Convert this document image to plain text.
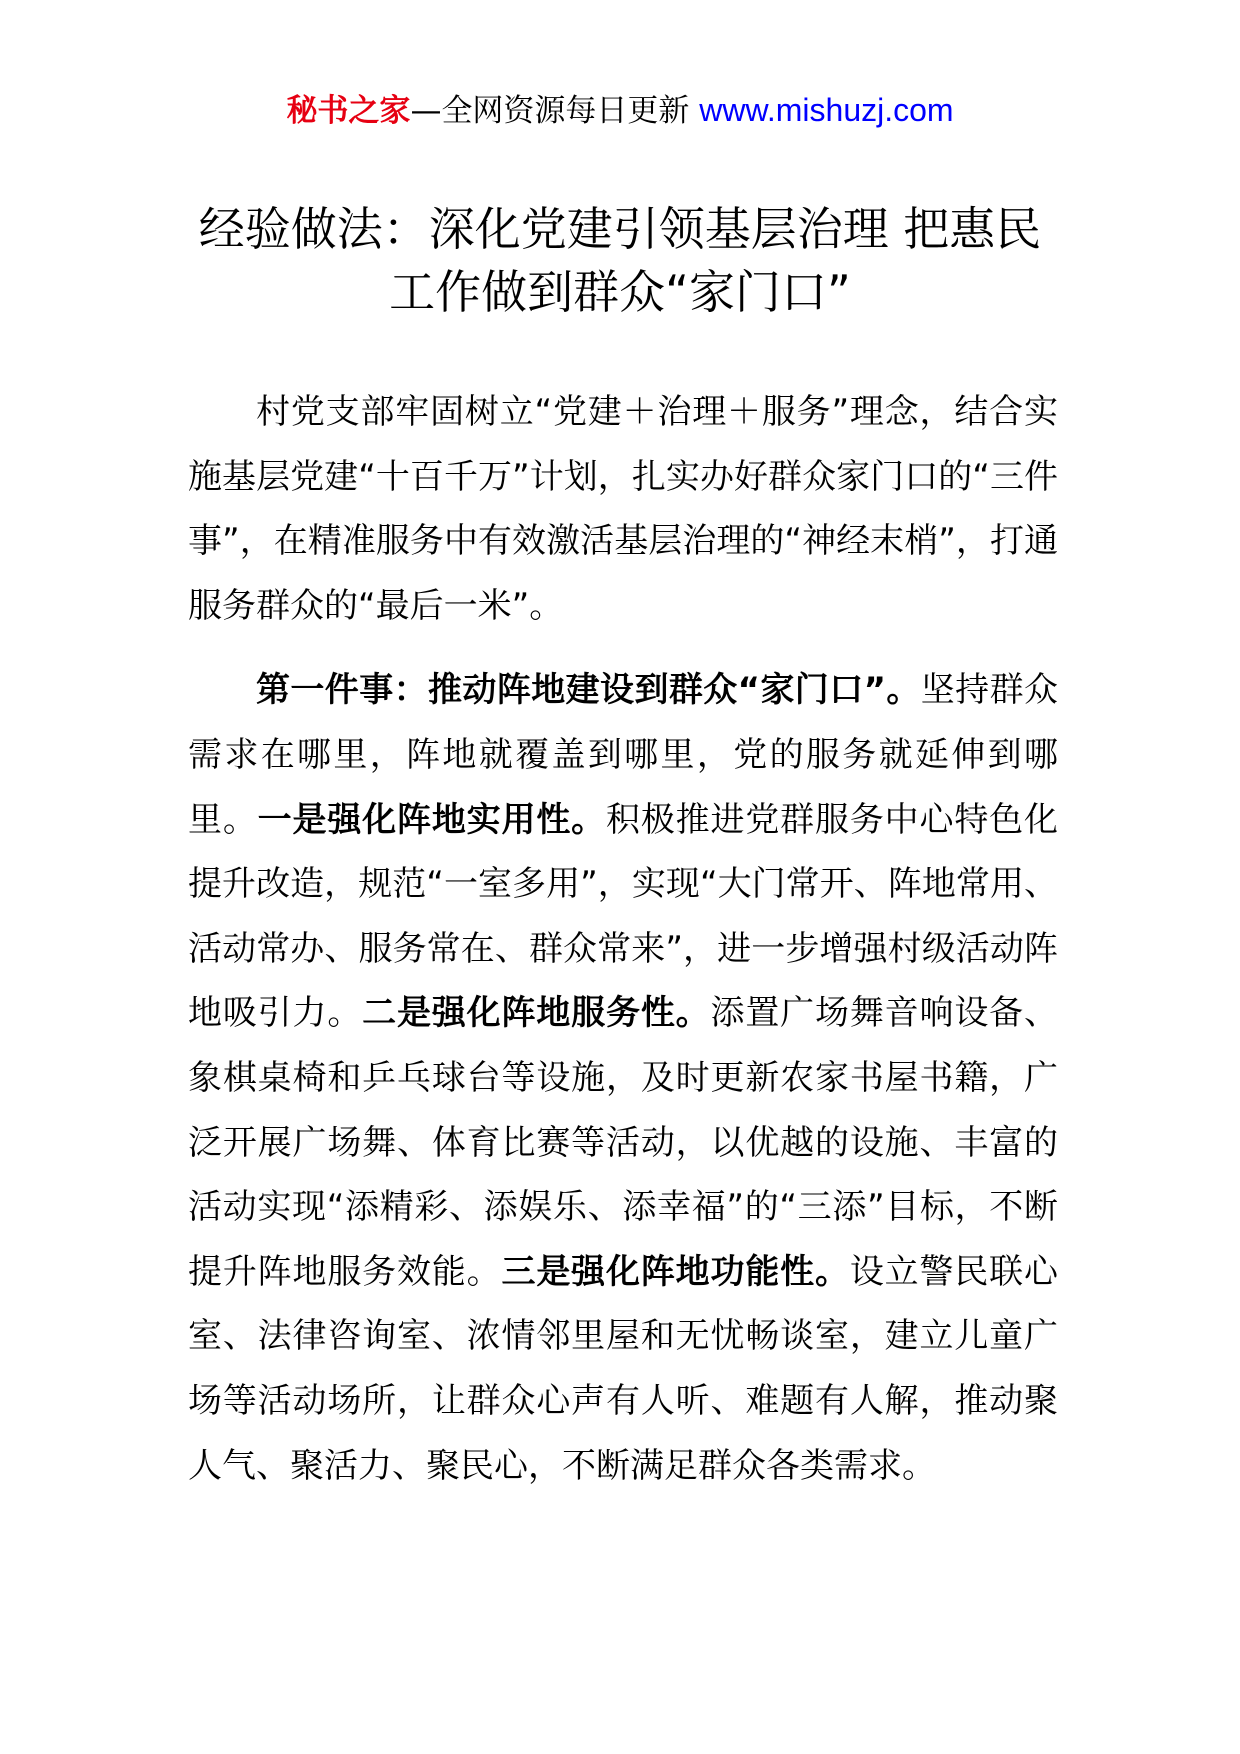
秘书之家—全网资源每日更新 www.mishuzj.com
经验做法：深化党建引领基层治理 把惠民
工作做到群众“家门口”

村党支部牢固树立“党建＋治理＋服务”理念，结合实施基层党建“十百千万”计划，扎实办好群众家门口的“三件事”，在精准服务中有效激活基层治理的“神经末梢”，打通服务群众的“最后一米”。

第一件事：推动阵地建设到群众“家门口”。坚持群众需求在哪里，阵地就覆盖到哪里，党的服务就延伸到哪里。一是强化阵地实用性。积极推进党群服务中心特色化提升改造，规范“一室多用”，实现“大门常开、阵地常用、活动常办、服务常在、群众常来”，进一步增强村级活动阵地吸引力。二是强化阵地服务性。添置广场舞音响设备、象棋桌椅和乒乓球台等设施，及时更新农家书屋书籍，广泛开展广场舞、体育比赛等活动，以优越的设施、丰富的活动实现“添精彩、添娱乐、添幸福”的“三添”目标，不断提升阵地服务效能。三是强化阵地功能性。设立警民联心室、法律咨询室、浓情邻里屋和无忧畅谈室，建立儿童广场等活动场所，让群众心声有人听、难题有人解，推动聚人气、聚活力、聚民心，不断满足群众各类需求。
